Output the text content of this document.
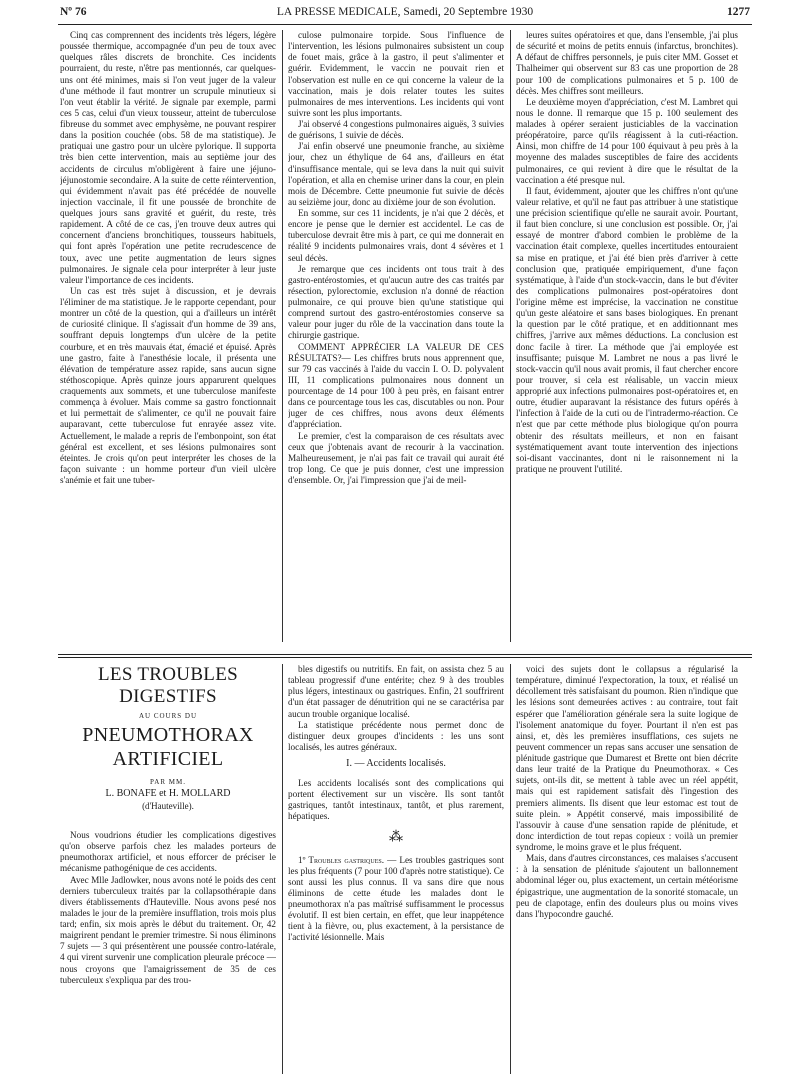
Nº 76	LA PRESSE MEDICALE, Samedi, 20 Septembre 1930	1277

Cinq cas comprennent des incidents très légers, légère poussée thermique, accompagnée d'un peu de toux avec quelques râles discrets de bronchite. Ces incidents pourraient, du reste, n'être pas mentionnés, car quelques-uns ont été minimes, mais si l'on veut juger de la valeur d'une méthode il faut montrer un scrupule minutieux si l'on veut établir la vérité. Je signale par exemple, parmi ces 5 cas, celui d'un vieux tousseur, atteint de tuberculose fibreuse du sommet avec emphysème, ne pouvant respirer dans la position couchée (obs. 58 de ma statistique). Je pratiquai une gastro pour un ulcère pylorique. Il supporta très bien cette intervention, mais au septième jour des accidents de circulus m'obligèrent à faire une jéjuno-jéjunostomie secondaire. A la suite de cette réintervention, qui évidemment n'avait pas été précédée de nouvelle injection vaccinale, il fit une poussée de bronchite de quelques jours sans gravité et guérit, du reste, très rapidement. A côté de ce cas, j'en trouve deux autres qui concernent d'anciens bronchitiques, tousseurs habituels, qui font après l'opération une petite recrudescence de toux, avec une petite augmentation de leurs signes pulmonaires. Je signale cela pour interpréter à leur juste valeur l'importance de ces incidents.

Un cas est très sujet à discussion, et je devrais l'éliminer de ma statistique. Je le rapporte cependant, pour montrer un côté de la question, qui a d'ailleurs un intérêt de curiosité clinique. Il s'agissait d'un homme de 39 ans, souffrant depuis longtemps d'un ulcère de la petite courbure, et en très mauvais état, émacié et épuisé. Après une gastro, faite à l'anesthésie locale, il présenta une élévation de température assez rapide, sans aucun signe stéthoscopique. Après quinze jours apparurent quelques craquements aux sommets, et une tuberculose manifeste commença à évoluer. Mais comme sa gastro fonctionnait et lui permettait de s'alimenter, ce qu'il ne pouvait faire auparavant, cette tuberculose fut enrayée assez vite. Actuellement, le malade a repris de l'embonpoint, son état général est excellent, et ses lésions pulmonaires sont éteintes. Je crois qu'on peut interpréter les choses de la façon suivante : un homme porteur d'un vieil ulcère s'anémie et fait une tuber-

culose pulmonaire torpide. Sous l'influence de l'intervention, les lésions pulmonaires subsistent un coup de fouet mais, grâce à la gastro, il peut s'alimenter et guérir. Evidemment, le vaccin ne pouvait rien et l'observation est nulle en ce qui concerne la valeur de la vaccination, mais je dois relater toutes les suites pulmonaires de mes interventions. Les incidents qui vont suivre sont les plus importants.

J'ai observé 4 congestions pulmonaires aiguës, 3 suivies de guérisons, 1 suivie de décès.

J'ai enfin observé une pneumonie franche, au sixième jour, chez un éthylique de 64 ans, d'ailleurs en état d'insuffisance mentale, qui se leva dans la nuit qui suivit l'opération, et alla en chemise uriner dans la cour, en plein mois de Décembre. Cette pneumonie fut suivie de décès au seizième jour, donc au dixième jour de son évolution.

En somme, sur ces 11 incidents, je n'ai que 2 décès, et encore je pense que le dernier est accidentel. Le cas de tuberculose devrait être mis à part, ce qui me donnerait en réalité 9 incidents pulmonaires vrais, dont 4 sévères et 1 seul décès.

Je remarque que ces incidents ont tous trait à des gastro-entérostomies, et qu'aucun autre des cas traités par résection, pylorectomie, exclusion n'a donné de réaction pulmonaire, ce qui prouve bien qu'une statistique qui comprend surtout des gastro-entérostomies conserve sa valeur pour juger du rôle de la vaccination dans toute la chirurgie gastrique.

COMMENT APPRÉCIER LA VALEUR DE CES RÉSULTATS?— Les chiffres bruts nous apprennent que, sur 79 cas vaccinés à l'aide du vaccin I. O. D. polyvalent III, 11 complications pulmonaires nous donnent un pourcentage de 14 pour 100 à peu près, en faisant entrer dans ce pourcentage tous les cas, discutables ou non. Pour juger de ces chiffres, nous avons deux éléments d'appréciation.

Le premier, c'est la comparaison de ces résultats avec ceux que j'obtenais avant de recourir à la vaccination. Malheureusement, je n'ai pas fait ce travail qui aurait été trop long. Ce que je puis donner, c'est une impression d'ensemble. Or, j'ai l'impression que j'ai de meil-

leures suites opératoires et que, dans l'ensemble, j'ai plus de sécurité et moins de petits ennuis (infarctus, bronchites). A défaut de chiffres personnels, je puis citer MM. Gosset et Thalheimer qui observent sur 83 cas une proportion de 28 pour 100 de complications pulmonaires et 5 p. 100 de décès. Mes chiffres sont meilleurs.

Le deuxième moyen d'appréciation, c'est M. Lambret qui nous le donne. Il remarque que 15 p. 100 seulement des malades à opérer seraient justiciables de la vaccination préopératoire, parce qu'ils réagissent à la cuti-réaction. Ainsi, mon chiffre de 14 pour 100 équivaut à peu près à la moyenne des malades susceptibles de faire des accidents pulmonaires, ce qui revient à dire que le résultat de la vaccination a été presque nul.

Il faut, évidemment, ajouter que les chiffres n'ont qu'une valeur relative, et qu'il ne faut pas attribuer à une statistique une précision scientifique qu'elle ne saurait avoir. Pourtant, il faut bien conclure, si une conclusion est possible. Or, j'ai essayé de montrer d'abord combien le problème de la vaccination était complexe, quelles incertitudes entouraient sa mise en pratique, et j'ai été bien près d'arriver à cette conclusion que, pratiquée empiriquement, d'une façon systématique, à l'aide d'un stock-vaccin, dans le but d'éviter des complications pulmonaires post-opératoires dont l'origine même est imprécise, la vaccination ne constitue qu'un geste aléatoire et sans bases biologiques. En prenant la question par le côté pratique, et en additionnant mes chiffres, j'arrive aux mêmes déductions. La conclusion est donc facile à tirer. La méthode que j'ai employée est insuffisante; puisque M. Lambret ne nous a pas livré le stock-vaccin qu'il nous avait promis, il faut chercher encore pour trouver, si cela est réalisable, un vaccin mieux approprié aux infections pulmonaires post-opératoires et, en outre, étudier auparavant la résistance des futurs opérés à l'infection à l'aide de la cuti ou de l'intradermo-réaction. Ce n'est que par cette méthode plus biologique qu'on pourra obtenir des résultats meilleurs, et non en faisant systématiquement avant toute intervention des injections soi-disant vaccinantes, dont ni le raisonnement ni la pratique ne prouvent l'utilité.

LES TROUBLES DIGESTIFS
AU COURS DU
PNEUMOTHORAX ARTIFICIEL
PAR MM.
L. BONAFE et H. MOLLARD
(d'Hauteville).

Nous voudrions étudier les complications digestives qu'on observe parfois chez les malades porteurs de pneumothorax artificiel, et nous efforcer de préciser le mécanisme pathogénique de ces accidents.

Avec Mlle Jadlowker, nous avons noté le poids des cent derniers tuberculeux traités par la collapsothérapie dans divers établissements d'Hauteville. Nous avons pesé nos malades le jour de la première insufflation, trois mois plus tard; enfin, six mois après le début du traitement. Or, 42 maigrirent pendant le premier trimestre. Si nous éliminons 7 sujets — 3 qui présentèrent une poussée contro-latérale, 4 qui virent survenir une complication pleurale précoce — nous croyons que l'amaigrissement de 35 de ces tuberculeux s'expliqua par des trou-

bles digestifs ou nutritifs. En fait, on assista chez 5 au tableau progressif d'une entérite; chez 9 à des troubles plus légers, intestinaux ou gastriques. Enfin, 21 souffrirent d'un état passager de dénutrition qui ne se caractérisa par aucun trouble organique localisé.

La statistique précédente nous permet donc de distinguer deux groupes d'incidents : les uns sont localisés, les autres généraux.

I. — Accidents localisés.

Les accidents localisés sont des complications qui portent électivement sur un viscère. Ils sont tantôt gastriques, tantôt intestinaux, tantôt, et plus rarement, hépatiques.

⁂

1º Troubles gastriques. — Les troubles gastriques sont les plus fréquents (7 pour 100 d'après notre statistique). Ce sont aussi les plus connus. Il va sans dire que nous éliminons de cette étude les malades dont le pneumothorax n'a pas maîtrisé suffisamment le processus évolutif. Il est bien certain, en effet, que leur inappétence tient à la fièvre, ou, plus exactement, à la persistance de l'activité lésionnelle. Mais

voici des sujets dont le collapsus a régularisé la température, diminué l'expectoration, la toux, et réalisé un décollement très satisfaisant du poumon. Rien n'indique que les lésions sont demeurées actives : au contraire, tout fait espérer que l'amélioration générale sera la suite logique de l'isolement anatomique du foyer. Pourtant il n'en est pas ainsi, et, dès les premières insufflations, ces sujets ne peuvent commencer un repas sans accuser une sensation de plénitude gastrique que Dumarest et Brette ont bien décrite dans leur traité de la Pratique du Pneumothorax. « Ces sujets, ont-ils dit, se mettent à table avec un réel appétit, mais qui est rapidement satisfait dès l'ingestion des premiers aliments. Ils disent que leur estomac est tout de suite plein. » Appétit conservé, mais impossibilité de l'assouvir à cause d'une sensation rapide de plénitude, et donc interdiction de tout repas copieux : voilà un premier syndrome, le moins grave et le plus fréquent.

Mais, dans d'autres circonstances, ces malaises s'accusent : à la sensation de plénitude s'ajoutent un ballonnement abdominal léger ou, plus exactement, un certain météorisme épigastrique, une augmentation de la sonorité stomacale, un peu de clapotage, enfin des douleurs plus ou moins vives dans l'hypocondre gauché.
